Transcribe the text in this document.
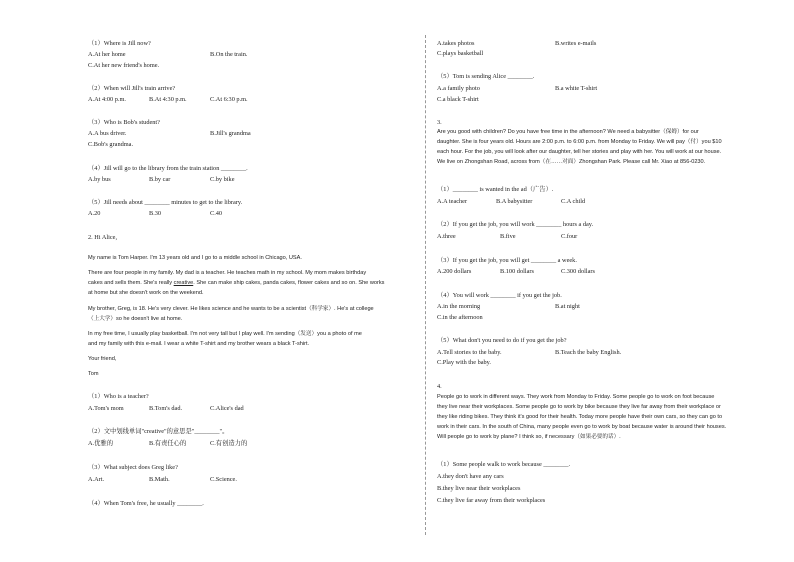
（1）Where is Jill now?
A.At her home	B.On the train.
C.At her new friend's home.
（2）When will Jill's train arrive?
A.At 4:00 p.m.	B.At 4:30 p.m.	C.At 6:30 p.m.
（3）Who is Bob's student?
A.A bus driver.	B.Jill's grandma
C.Bob's grandma.
（4）Jill will go to the library from the train station ________.
A.by bus	B.by car	C.by bike
（5）Jill needs about ________ minutes to get to the library.
A.20	B.30	C.40
2. Hi Alice,
My name is Tom Harper. I'm 13 years old and I go to a middle school in Chicago, USA.
There are four people in my family. My dad is a teacher. He teaches math in my school. My mom makes birthday
cakes and sells them. She's really creative. She can make ship cakes, panda cakes, flower cakes and so on. She works
at home but she doesn't work on the weekend.
My brother, Greg, is 18. He's very clever. He likes science and he wants to be a scientist（科学家）. He's at college
（上大学）so he doesn't live at home.
In my free time, I usually play basketball. I'm not very tall but I play well. I'm sending（发送）you a photo of me
and my family with this e-mail. I wear a white T-shirt and my brother wears a black T-shirt.
Your friend,
Tom
（1）Who is a teacher?
A.Tom's mom	B.Tom's dad.	C.Alice's dad
（2）文中划线单词"creative"的意思是"________"。
A.优雅的	B.有责任心的	C.有创造力的
（3）What subject does Greg like?
A.Art.	B.Math.	C.Science.
（4）When Tom's free, he usually ________.
A.takes photos	B.writes e-mails
C.plays basketball
（5）Tom is sending Alice ________.
A.a family photo	B.a white T-shirt
C.a black T-shirt
3.
Are you good with children? Do you have free time in the afternoon? We need a babysitter（保姆）for our
daughter. She is four years old. Hours are 2:00 p.m. to 6:00 p.m. from Monday to Friday. We will pay（付）you $10
each hour. For the job, you will look after our daughter, tell her stories and play with her. You will work at our house.
We live on Zhongshan Road, across from（在……对面）Zhongshan Park. Please call Mr. Xiao at 856-0230.
（1）________ is wanted in the ad（广告）.
A.A teacher	B.A babysitter	C.A child
（2）If you get the job, you will work ________ hours a day.
A.three	B.five	C.four
（3）If you get the job, you will get ________ a week.
A.200 dollars	B.100 dollars	C.300 dollars
（4）You will work ________ if you get the job.
A.in the morning	B.at night
C.in the afternoon
（5）What don't you need to do if you get the job?
A.Tell stories to the baby.	B.Teach the baby English.
C.Play with the baby.
4.
People go to work in different ways. They work from Monday to Friday. Some people go to work on foot because
they live near their workplaces. Some people go to work by bike because they live far away from their workplace or
they like riding bikes. They think it's good for their health. Today more people have their own cars, so they can go to
work in their cars. In the south of China, many people even go to work by boat because water is around their houses.
Will people go to work by plane? I think so, if necessary（如果必要的话）.
（1）Some people walk to work because ________.
A.they don't have any cars
B.they live near their workplaces
C.they live far away from their workplaces
